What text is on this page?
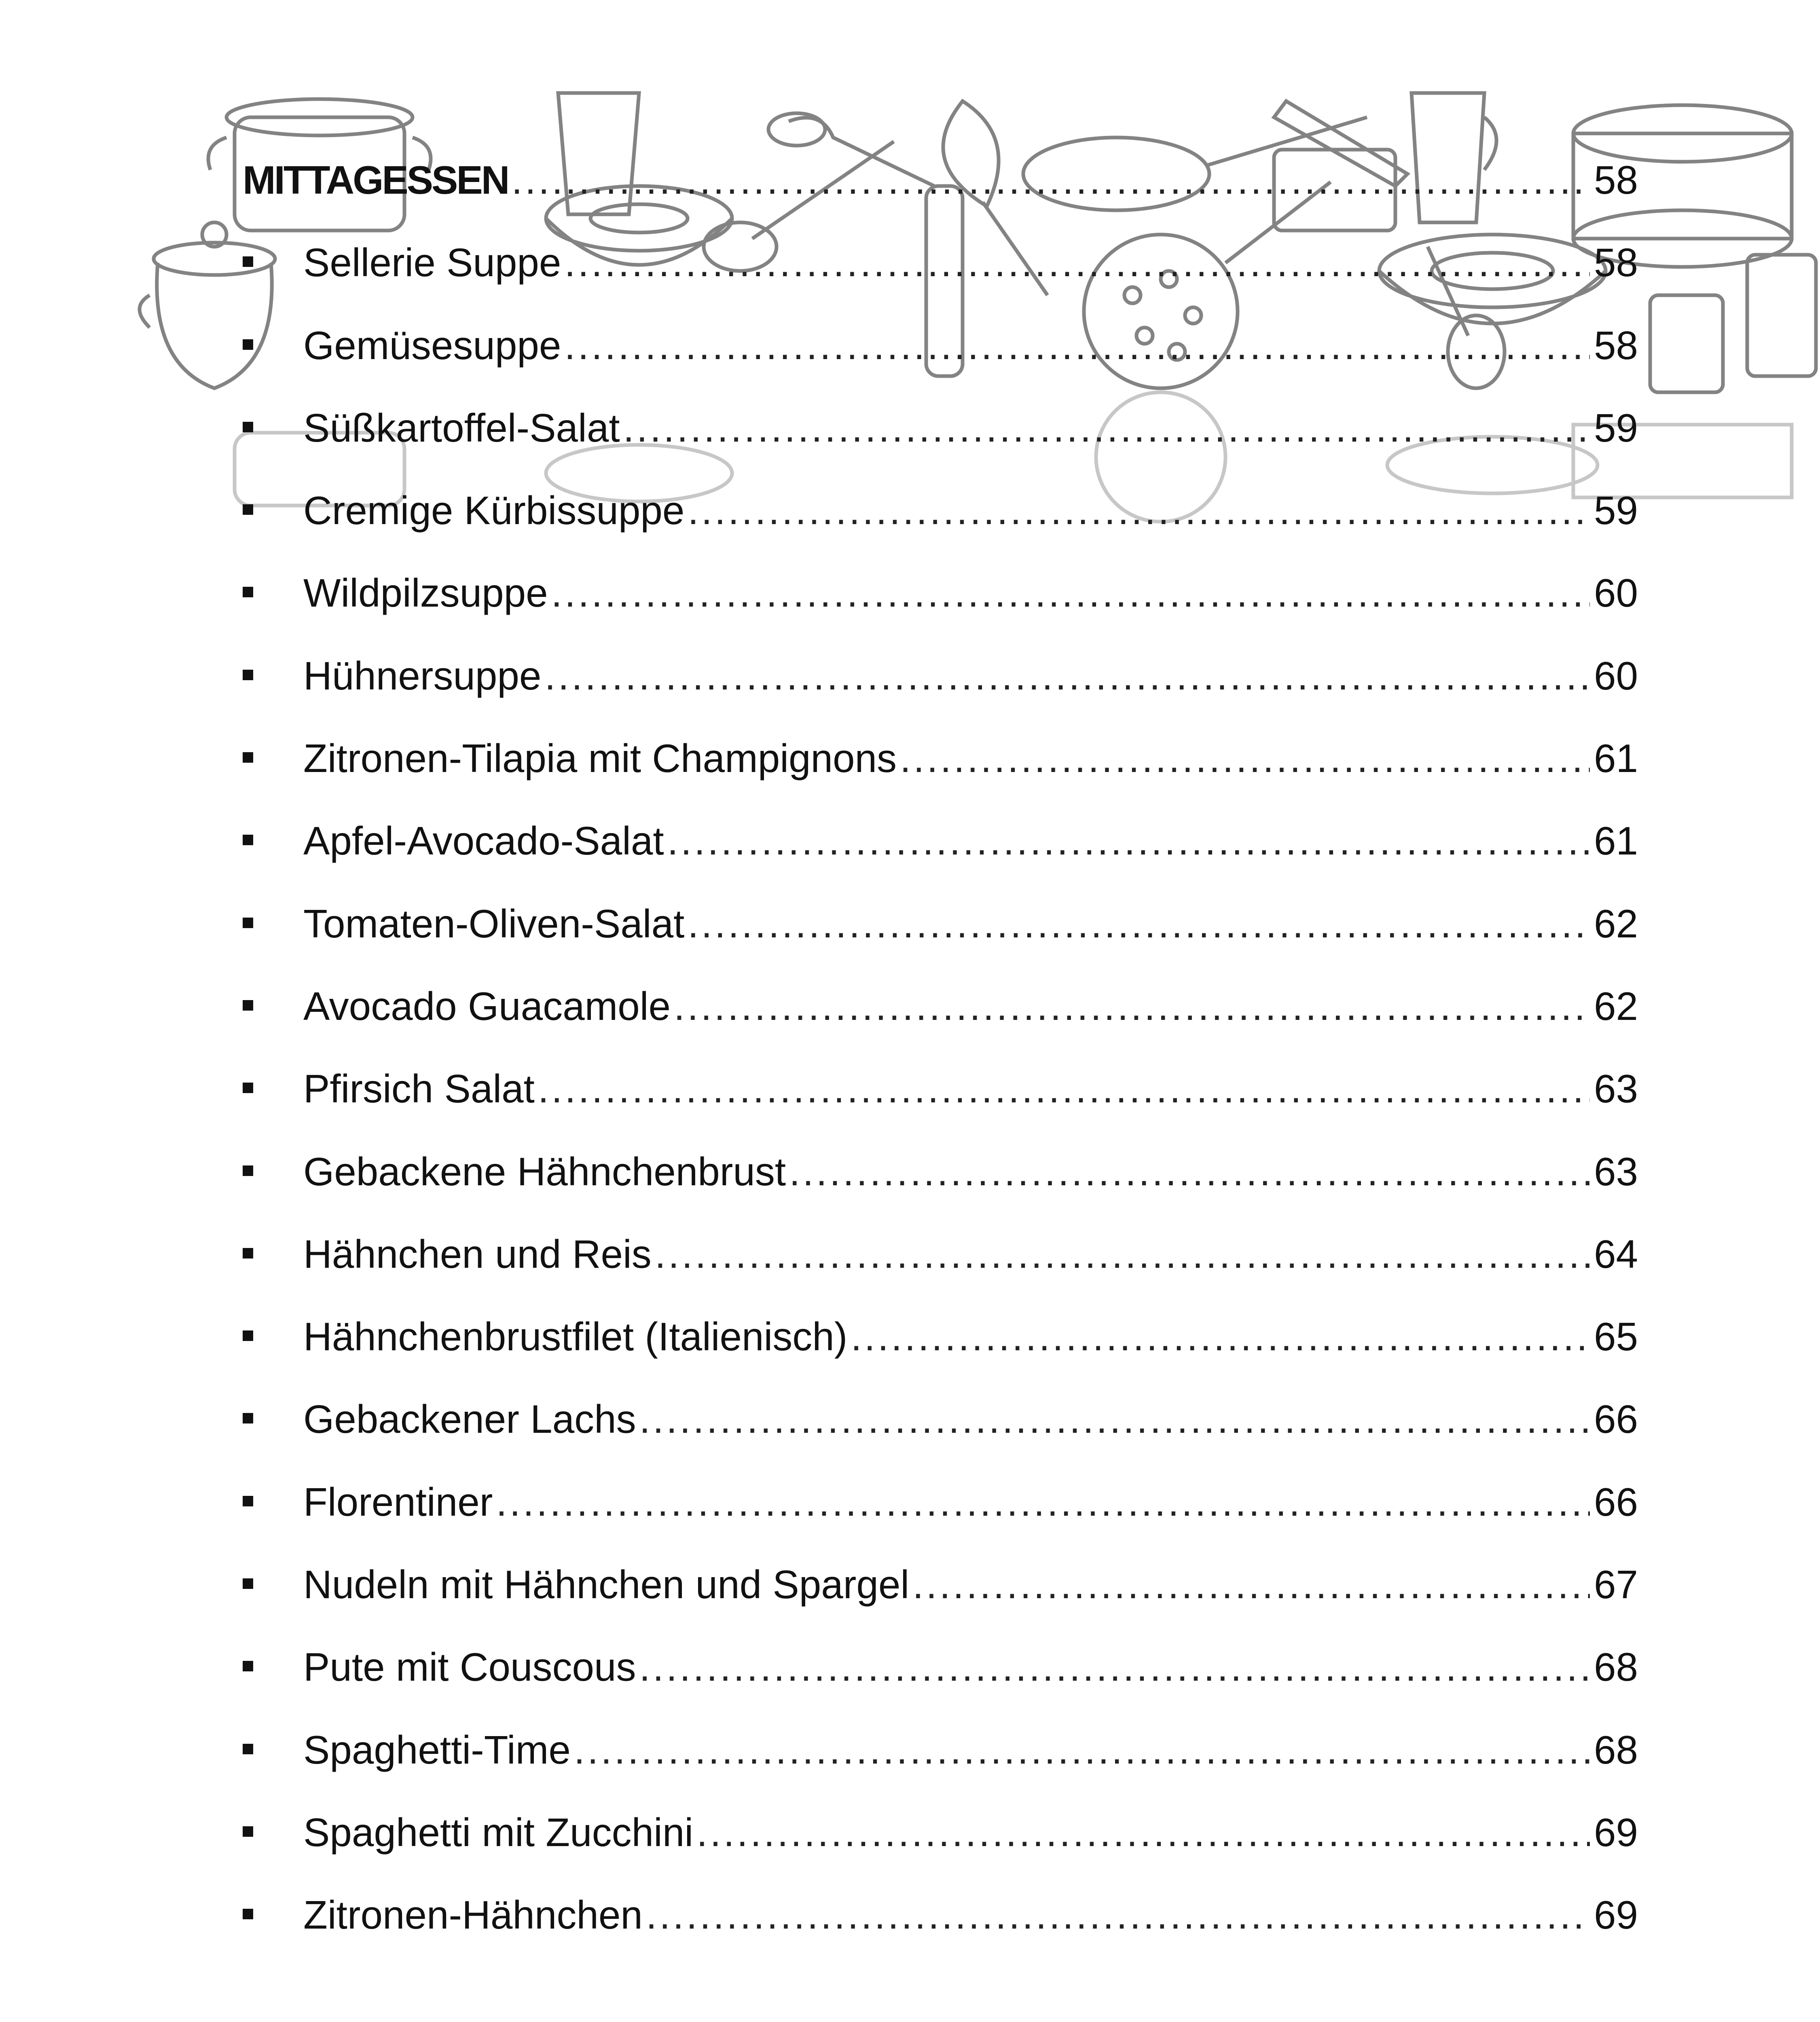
MITTAGESSEN .....	58
Sellerie Suppe .....	58
Gemüsesuppe .....	58
Süßkartoffel-Salat .....	59
Cremige Kürbissuppe .....	59
Wildpilzsuppe .....	60
Hühnersuppe .....	60
Zitronen-Tilapia mit Champignons .....	61
Apfel-Avocado-Salat .....	61
Tomaten-Oliven-Salat .....	62
Avocado Guacamole .....	62
Pfirsich Salat .....	63
Gebackene Hähnchenbrust .....	63
Hähnchen und Reis .....	64
Hähnchenbrustfilet (Italienisch) .....	65
Gebackener Lachs .....	66
Florentiner .....	66
Nudeln mit Hähnchen und Spargel .....	67
Pute mit Couscous .....	68
Spaghetti-Time .....	68
Spaghetti mit Zucchini .....	69
Zitronen-Hähnchen .....	69
